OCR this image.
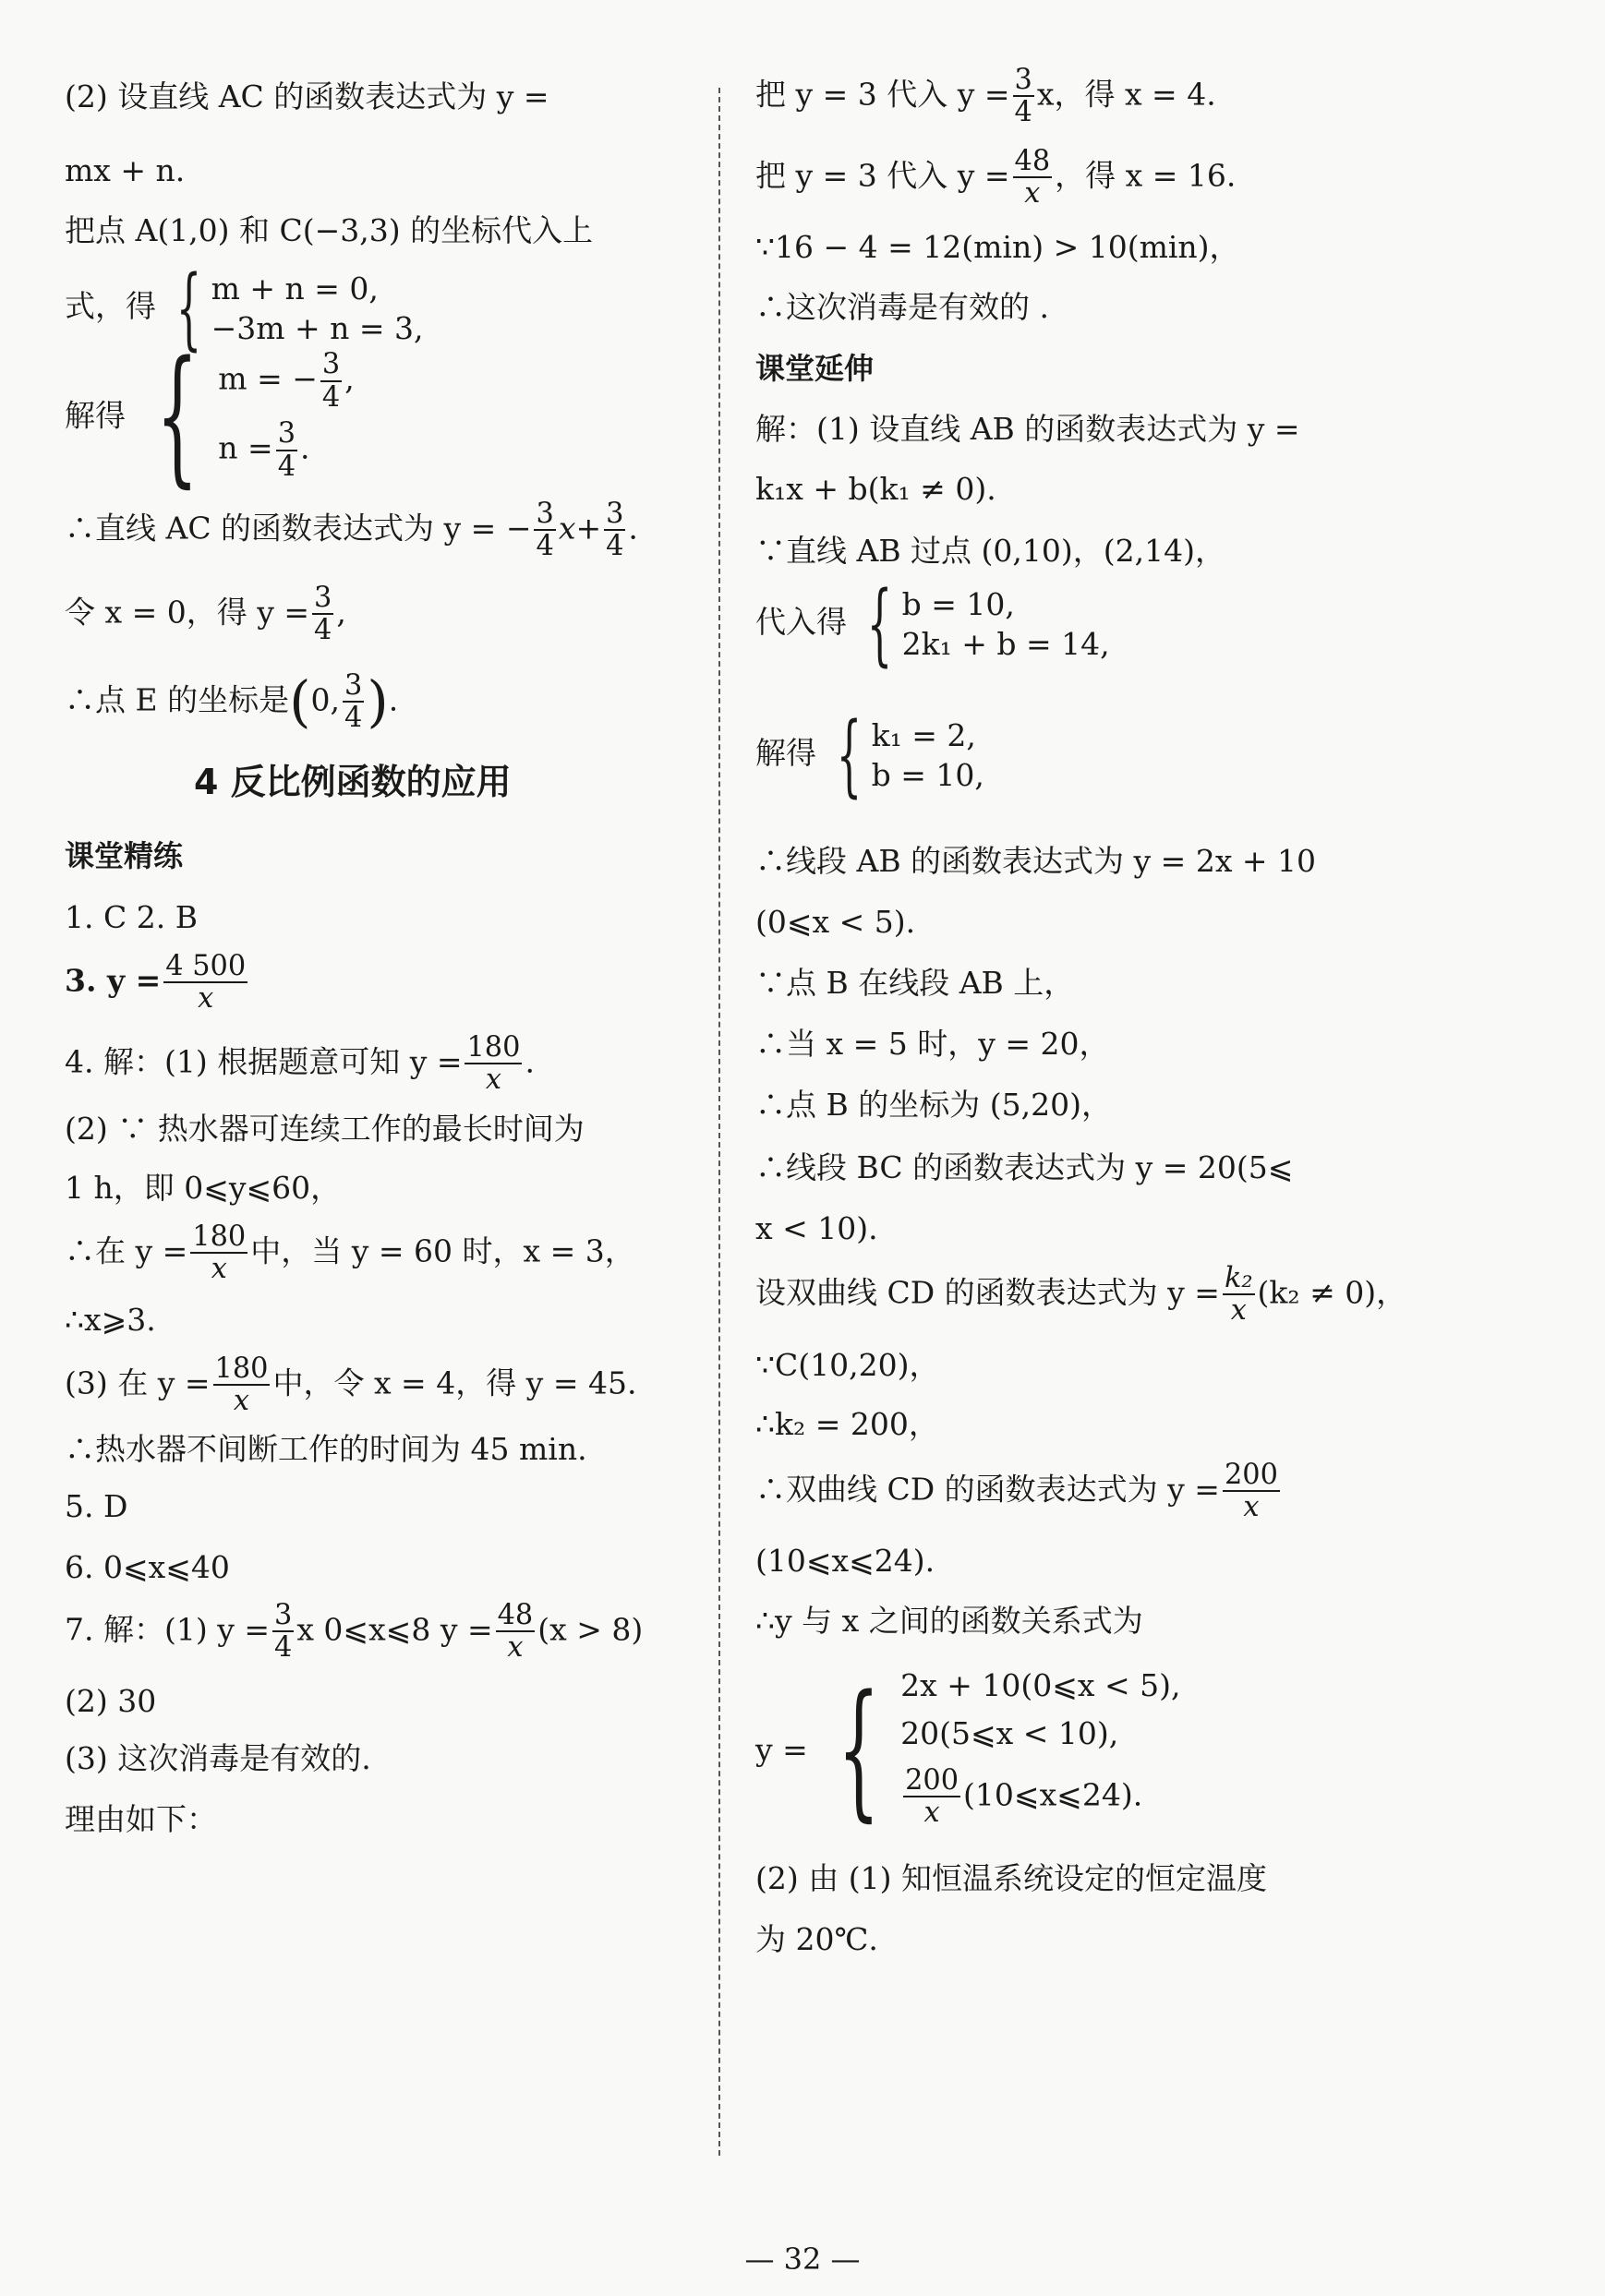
(2) 设直线 AC 的函数表达式为 y =
mx + n.
把点 A(1,0) 和 C(−3,3) 的坐标代入上
式，得 { m + n = 0,
−3m + n = 3,
解得 { m = − $\frac{3}{4}$ ,
$n = \frac{3}{4}$ .
∴直线 AC 的函数表达式为 y = − $\frac{3}{4} x+ \frac{3}{4}$ .
令 x = 0，得 $y = \frac{3}{4}$ ,
∴点 E 的坐标是(0, $\frac{3}{4}$ ).
4 反比例函数的应用
课堂精练
1. C 2. B
3. $y = \frac{4 500}{x}$
4. 解：(1) 根据题意可知 $y = \frac{180}{x}$ .
(2) ∵ 热水器可连续工作的最长时间为
1 h，即 0⩽y⩽60，
∴在 $y = \frac{180}{x}$ 中，当 y = 60 时，x = 3，
∴x⩾3.
(3) 在 $y = \frac{180}{x}$ 中，令 x = 4，得 y = 45.
∴热水器不间断工作的时间为 45 min.
5. D
6. 0⩽x⩽40
7. 解：(1) $y = \frac{3}{4}$ x 0⩽x⩽8 $y = \frac{48}{x} (x > 8)$
(2) 30
(3) 这次消毒是有效的.
理由如下：
把 y = 3 代入 $y = \frac{3}{4}$ x，得 x = 4.
把 y = 3 代入 $y = \frac{48}{x}$ ，得 x = 16.
∵16 − 4 = 12(min) > 10(min)，
∴这次消毒是有效的 .
课堂延伸
解：(1) 设直线 AB 的函数表达式为 y =
k₁x + b(k₁ ≠ 0).
∵直线 AB 过点 (0,10)，(2,14)，
代入得 { b = 10,
2k₁ + b = 14,
解得 { k₁ = 2,
b = 10,
∴线段 AB 的函数表达式为 y = 2x + 10
(0⩽x < 5).
∵点 B 在线段 AB 上，
∴当 x = 5 时，y = 20，
∴点 B 的坐标为 (5,20)，
∴线段 BC 的函数表达式为 y = 20(5⩽
x < 10).
设双曲线 CD 的函数表达式为 $y = \frac{\text{k₂}}{x} (k_2 \ne 0)$，
∵C(10,20)，
∴k₂ = 200，
∴双曲线 CD 的函数表达式为 $y = \frac{200}{x}$
(10⩽x⩽24).
∴y 与 x 之间的函数关系式为
y = { 2x + 10(0⩽x < 5),
20(5⩽x < 10),
$\frac{200}{x}$ (10⩽x⩽24).
(2) 由 (1) 知恒温系统设定的恒定温度
为 20℃.
— 32 —
